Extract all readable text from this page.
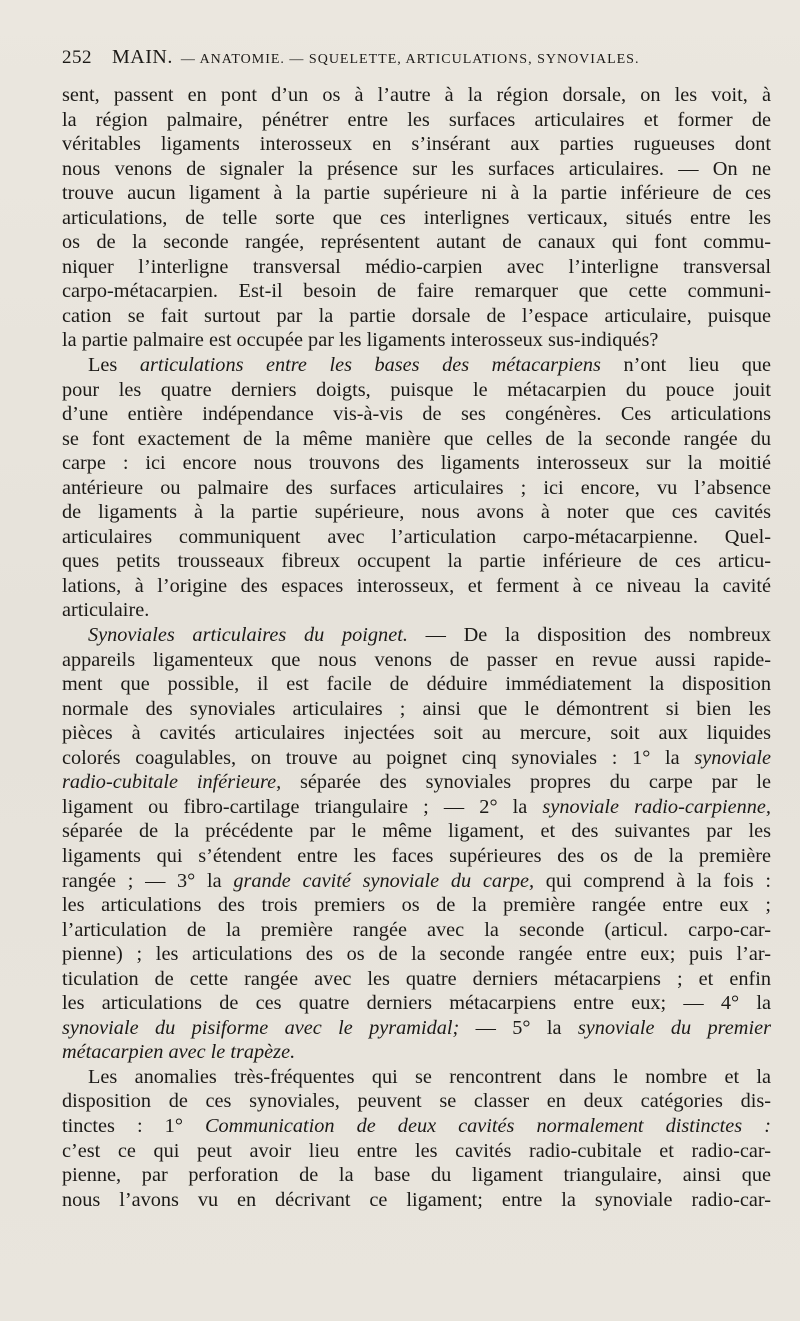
252 MAIN. — ANATOMIE. — SQUELETTE, ARTICULATIONS, SYNOVIALES.
sent, passent en pont d’un os à l’autre à la région dorsale, on les voit, à
la région palmaire, pénétrer entre les surfaces articulaires et former de
véritables ligaments interosseux en s’insérant aux parties rugueuses dont
nous venons de signaler la présence sur les surfaces articulaires. — On ne
trouve aucun ligament à la partie supérieure ni à la partie inférieure de ces
articulations, de telle sorte que ces interlignes verticaux, situés entre les
os de la seconde rangée, représentent autant de canaux qui font commu-
niquer l’interligne transversal médio-carpien avec l’interligne transversal
carpo-métacarpien. Est-il besoin de faire remarquer que cette communi-
cation se fait surtout par la partie dorsale de l’espace articulaire, puisque
la partie palmaire est occupée par les ligaments interosseux sus-indiqués?
Les articulations entre les bases des métacarpiens n’ont lieu que
pour les quatre derniers doigts, puisque le métacarpien du pouce jouit
d’une entière indépendance vis-à-vis de ses congénères. Ces articulations
se font exactement de la même manière que celles de la seconde rangée du
carpe : ici encore nous trouvons des ligaments interosseux sur la moitié
antérieure ou palmaire des surfaces articulaires ; ici encore, vu l’absence
de ligaments à la partie supérieure, nous avons à noter que ces cavités
articulaires communiquent avec l’articulation carpo-métacarpienne. Quel-
ques petits trousseaux fibreux occupent la partie inférieure de ces articu-
lations, à l’origine des espaces interosseux, et ferment à ce niveau la cavité
articulaire.
Synoviales articulaires du poignet. — De la disposition des nombreux
appareils ligamenteux que nous venons de passer en revue aussi rapide-
ment que possible, il est facile de déduire immédiatement la disposition
normale des synoviales articulaires ; ainsi que le démontrent si bien les
pièces à cavités articulaires injectées soit au mercure, soit aux liquides
colorés coagulables, on trouve au poignet cinq synoviales : 1° la synoviale
radio-cubitale inférieure, séparée des synoviales propres du carpe par le
ligament ou fibro-cartilage triangulaire ; — 2° la synoviale radio-carpienne,
séparée de la précédente par le même ligament, et des suivantes par les
ligaments qui s’étendent entre les faces supérieures des os de la première
rangée ; — 3° la grande cavité synoviale du carpe, qui comprend à la fois :
les articulations des trois premiers os de la première rangée entre eux ;
l’articulation de la première rangée avec la seconde (articul. carpo-car-
pienne) ; les articulations des os de la seconde rangée entre eux; puis l’ar-
ticulation de cette rangée avec les quatre derniers métacarpiens ; et enfin
les articulations de ces quatre derniers métacarpiens entre eux; — 4° la
synoviale du pisiforme avec le pyramidal; — 5° la synoviale du premier
métacarpien avec le trapèze.
Les anomalies très-fréquentes qui se rencontrent dans le nombre et la
disposition de ces synoviales, peuvent se classer en deux catégories dis-
tinctes : 1° Communication de deux cavités normalement distinctes :
c’est ce qui peut avoir lieu entre les cavités radio-cubitale et radio-car-
pienne, par perforation de la base du ligament triangulaire, ainsi que
nous l’avons vu en décrivant ce ligament; entre la synoviale radio-car-
